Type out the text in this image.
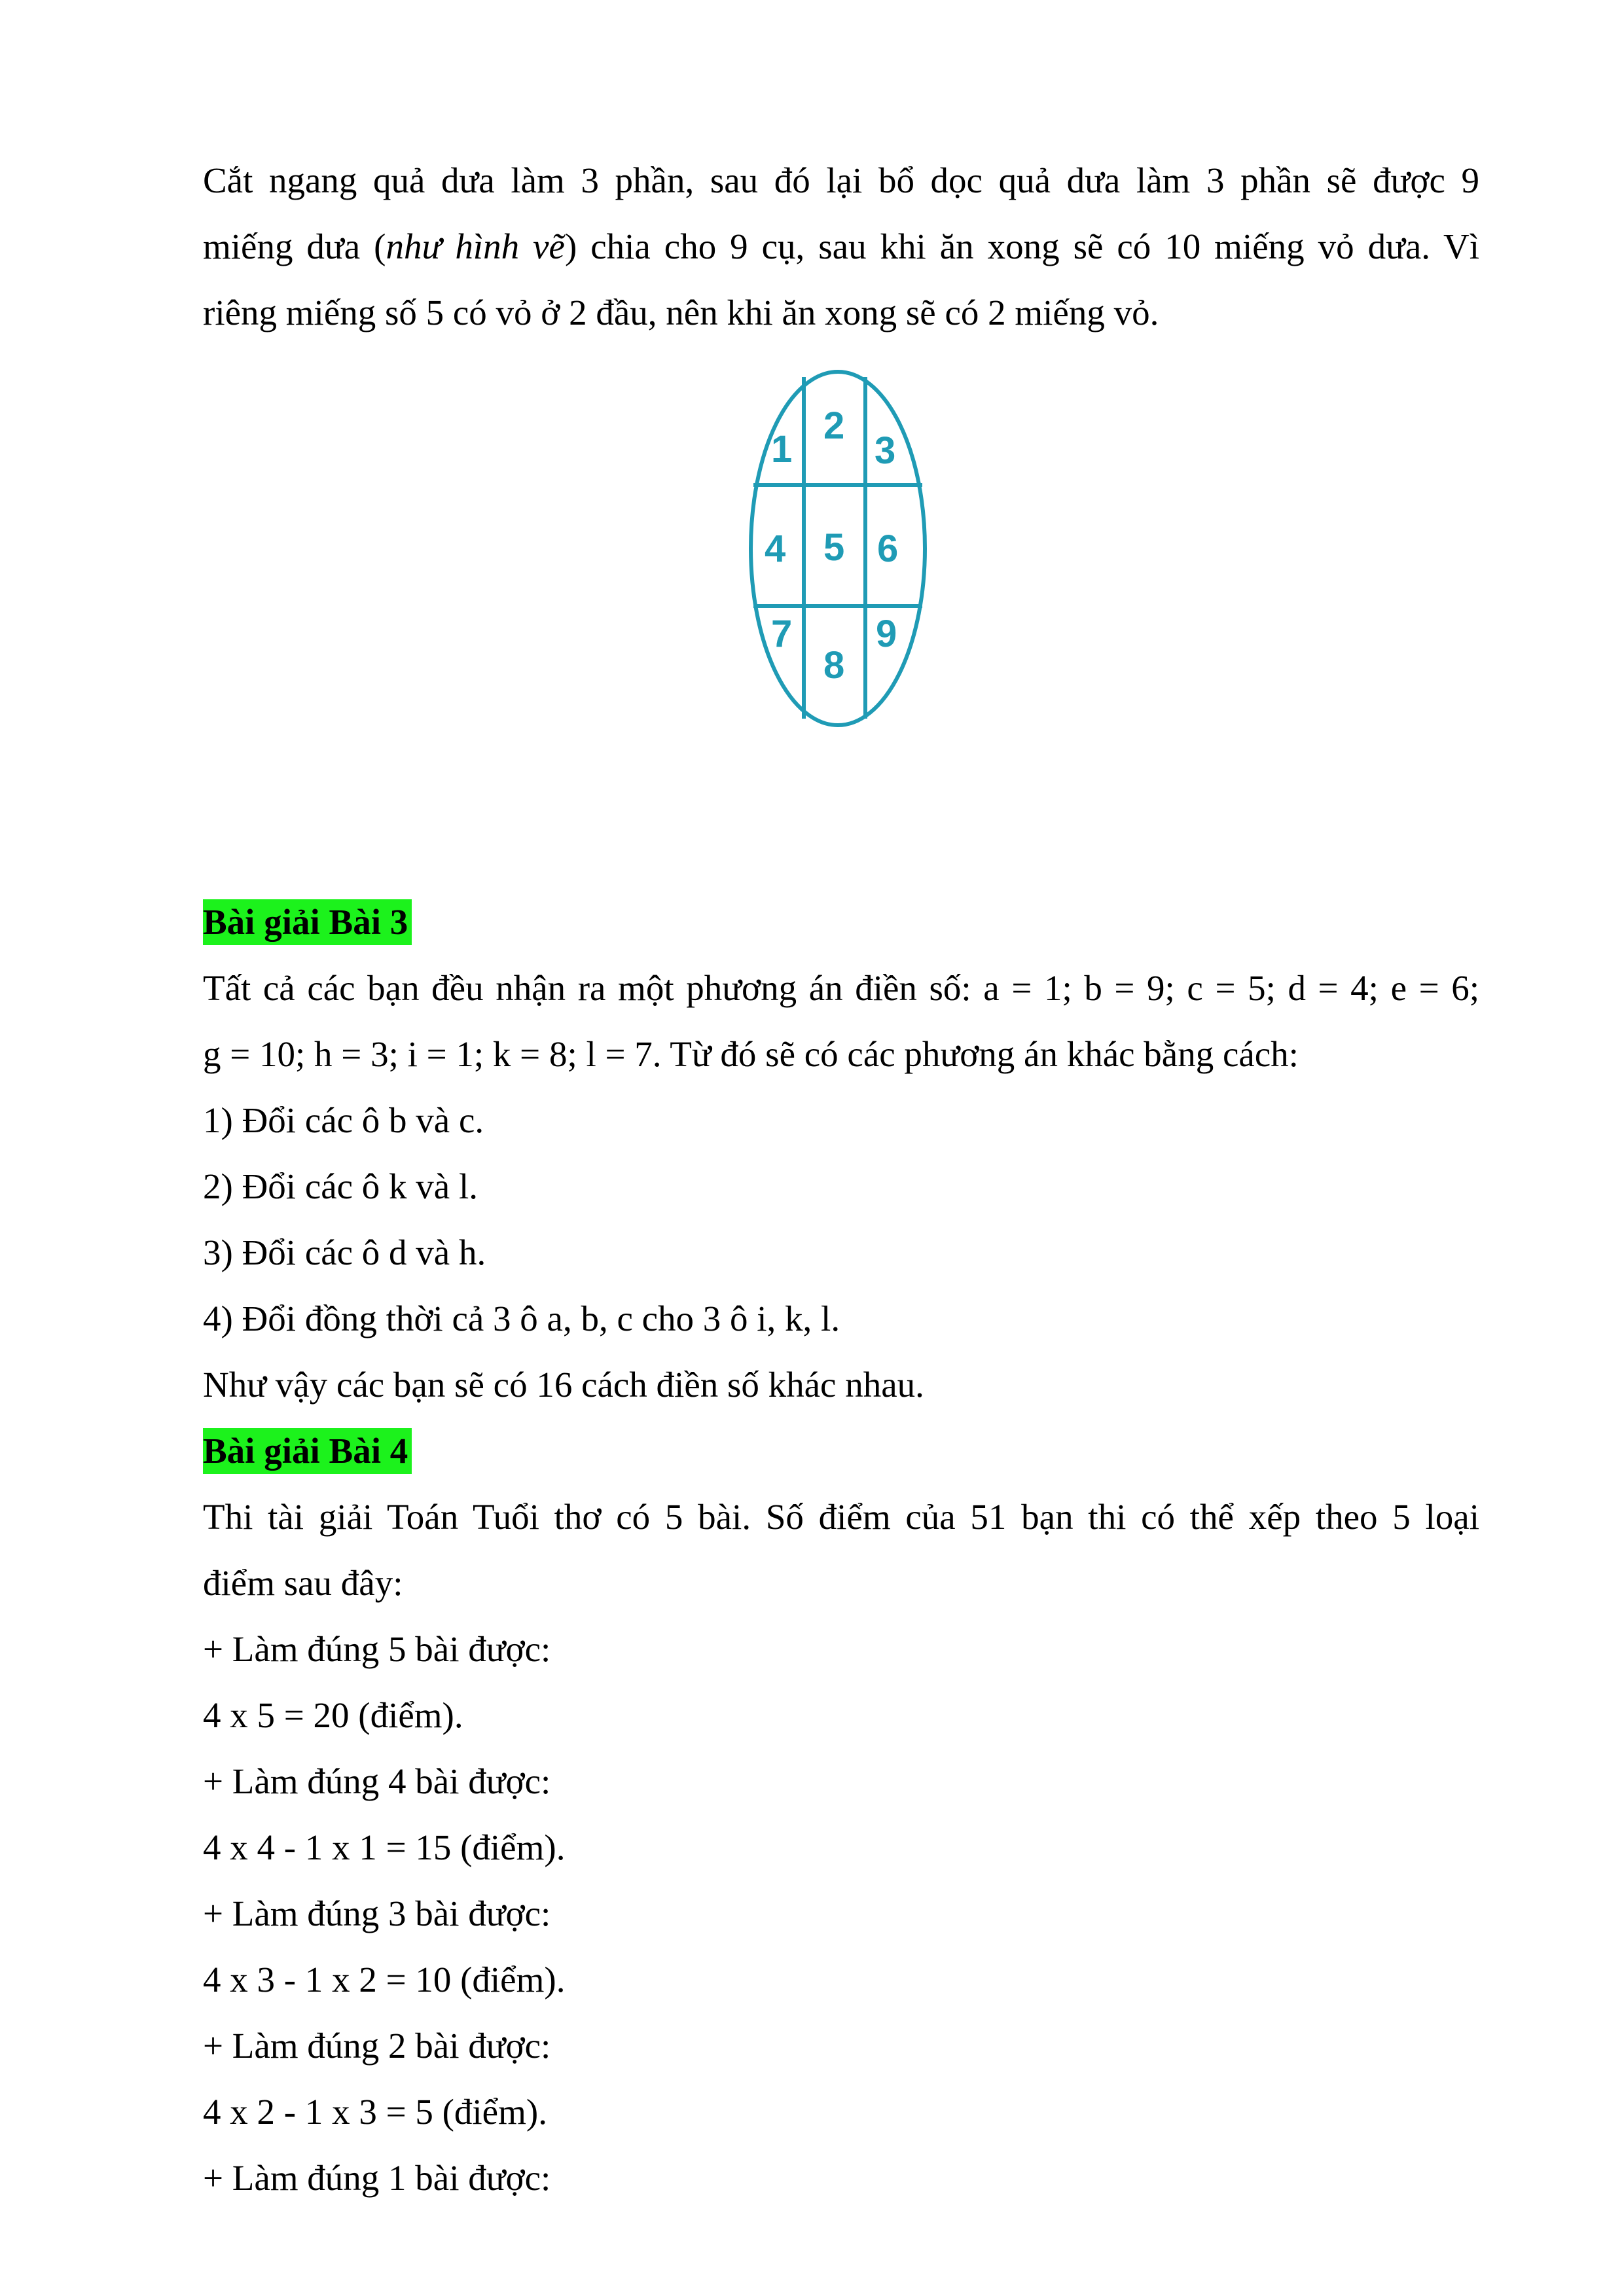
Cắt ngang quả dưa làm 3 phần, sau đó lại bổ dọc quả dưa làm 3 phần sẽ được 9

miếng dưa (như hình vẽ) chia cho 9 cụ, sau khi ăn xong sẽ có 10 miếng vỏ dưa. Vì

riêng miếng số 5 có vỏ ở 2 đầu, nên khi ăn xong sẽ có 2 miếng vỏ.

1
2
3
4 5 6
7
8
9
Bài giải Bài 3

Tất cả các bạn đều nhận ra một phương án điền số: a = 1; b = 9; c = 5; d = 4; e = 6;

g = 10; h = 3; i = 1; k = 8; l = 7. Từ đó sẽ có các phương án khác bằng cách:

1) Đổi các ô b và c.

2) Đổi các ô k và l.

3) Đổi các ô d và h.

4) Đổi đồng thời cả 3 ô a, b, c cho 3 ô i, k, l.

Như vậy các bạn sẽ có 16 cách điền số khác nhau.

Bài giải Bài 4

Thi tài giải Toán Tuổi thơ có 5 bài. Số điểm của 51 bạn thi có thể xếp theo 5 loại

điểm sau đây:

+ Làm đúng 5 bài được:

4 x 5 = 20 (điểm).

+ Làm đúng 4 bài được:

4 x 4 - 1 x 1 = 15 (điểm).

+ Làm đúng 3 bài được:

4 x 3 - 1 x 2 = 10 (điểm).

+ Làm đúng 2 bài được:

4 x 2 - 1 x 3 = 5 (điểm).

+ Làm đúng 1 bài được:
